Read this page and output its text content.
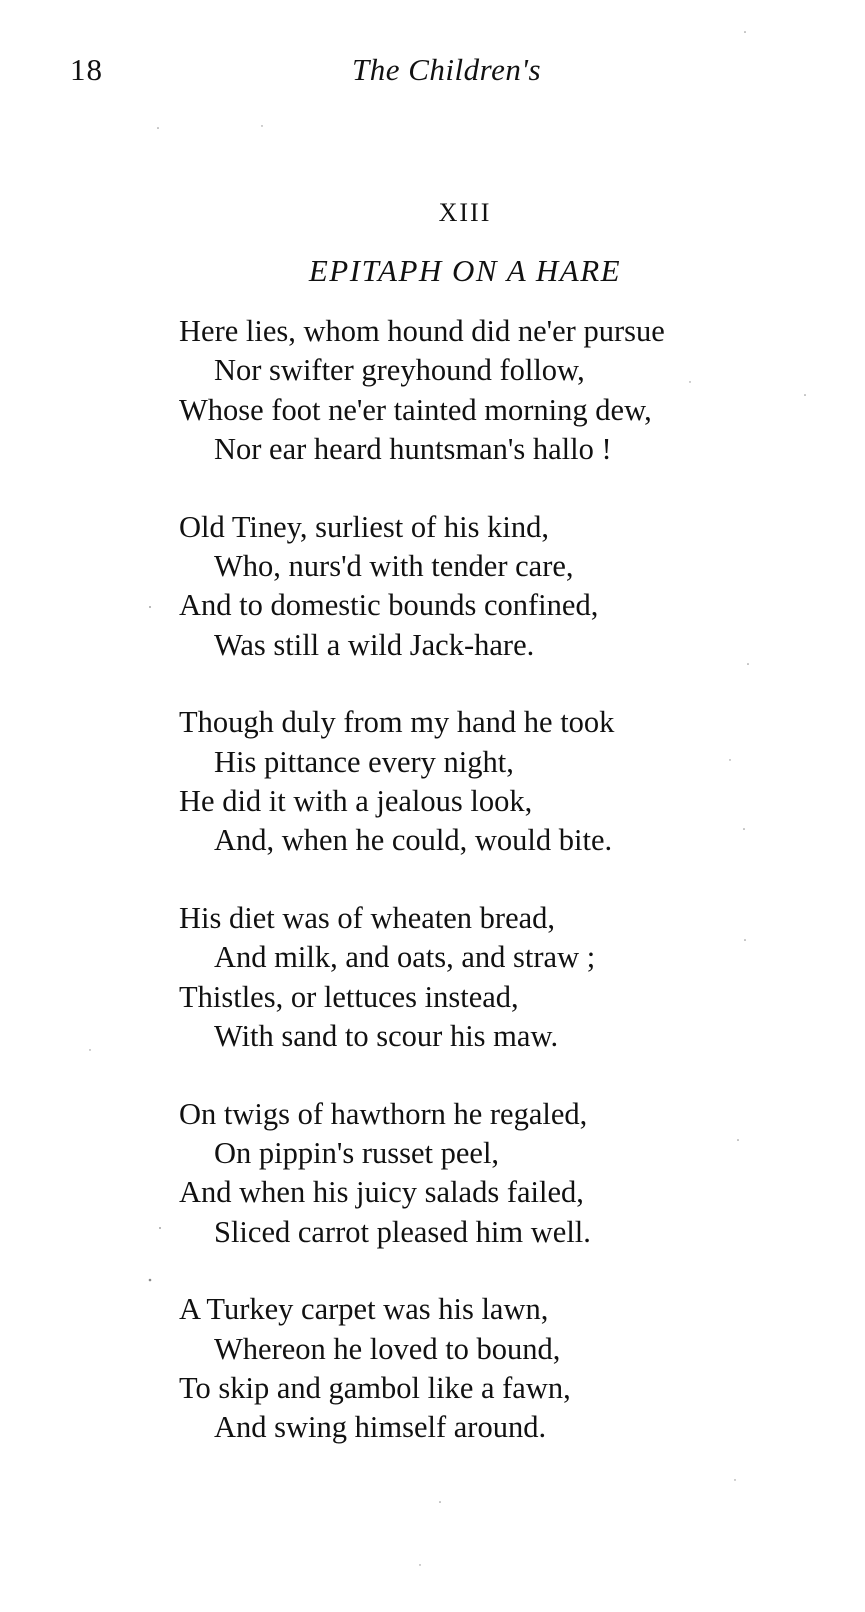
18	The Children's
XIII
EPITAPH ON A HARE
Here lies, whom hound did ne'er pursue
Nor swifter greyhound follow,
Whose foot ne'er tainted morning dew,
Nor ear heard huntsman's hallo !
Old Tiney, surliest of his kind,
Who, nurs'd with tender care,
And to domestic bounds confined,
Was still a wild Jack-hare.
Though duly from my hand he took
His pittance every night,
He did it with a jealous look,
And, when he could, would bite.
His diet was of wheaten bread,
And milk, and oats, and straw ;
Thistles, or lettuces instead,
With sand to scour his maw.
On twigs of hawthorn he regaled,
On pippin's russet peel,
And when his juicy salads failed,
Sliced carrot pleased him well.
A Turkey carpet was his lawn,
Whereon he loved to bound,
To skip and gambol like a fawn,
And swing himself around.
